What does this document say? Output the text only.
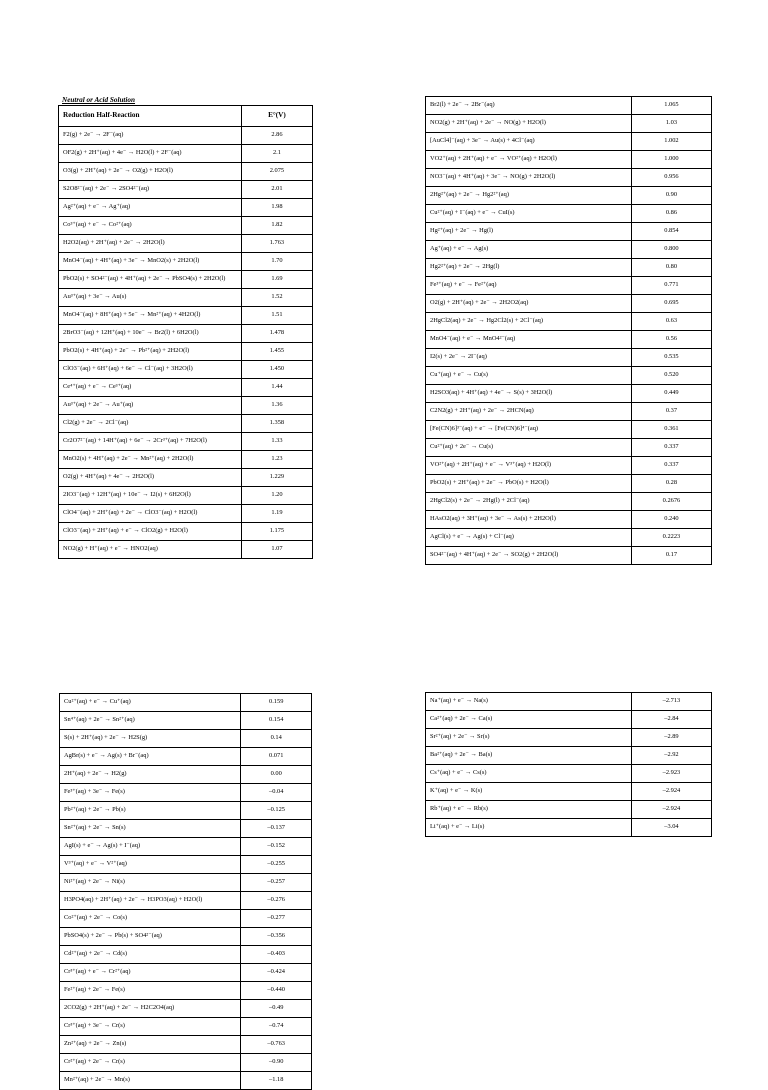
Neutral or Acid Solution
Reduction Half-Reaction	E°(V)
F2(g) + 2e⁻ → 2F⁻(aq)	2.86
OF2(g) + 2H⁺(aq) + 4e⁻ → H2O(l) + 2F⁻(aq)	2.1
O3(g) + 2H⁺(aq) + 2e⁻ → O2(g) + H2O(l)	2.075
S2O8²⁻(aq) + 2e⁻ → 2SO4²⁻(aq)	2.01
Ag²⁺(aq) + e⁻ → Ag⁺(aq)	1.98
Co³⁺(aq) + e⁻ → Co²⁺(aq)	1.82
H2O2(aq) + 2H⁺(aq) + 2e⁻ → 2H2O(l)	1.763
MnO4⁻(aq) + 4H⁺(aq) + 3e⁻ → MnO2(s) + 2H2O(l)	1.70
PbO2(s) + SO4²⁻(aq) + 4H⁺(aq) + 2e⁻ → PbSO4(s) + 2H2O(l)	1.69
Au³⁺(aq) + 3e⁻ → Au(s)	1.52
MnO4⁻(aq) + 8H⁺(aq) + 5e⁻ → Mn²⁺(aq) + 4H2O(l)	1.51
2BrO3⁻(aq) + 12H⁺(aq) + 10e⁻ → Br2(l) + 6H2O(l)	1.478
PbO2(s) + 4H⁺(aq) + 2e⁻ → Pb²⁺(aq) + 2H2O(l)	1.455
ClO3⁻(aq) + 6H⁺(aq) + 6e⁻ → Cl⁻(aq) + 3H2O(l)	1.450
Ce⁴⁺(aq) + e⁻ → Ce³⁺(aq)	1.44
Au³⁺(aq) + 2e⁻ → Au⁺(aq)	1.36
Cl2(g) + 2e⁻ → 2Cl⁻(aq)	1.358
Cr2O7²⁻(aq) + 14H⁺(aq) + 6e⁻ → 2Cr³⁺(aq) + 7H2O(l)	1.33
MnO2(s) + 4H⁺(aq) + 2e⁻ → Mn²⁺(aq) + 2H2O(l)	1.23
O2(g) + 4H⁺(aq) + 4e⁻ → 2H2O(l)	1.229
2IO3⁻(aq) + 12H⁺(aq) + 10e⁻ → I2(s) + 6H2O(l)	1.20
ClO4⁻(aq) + 2H⁺(aq) + 2e⁻ → ClO3⁻(aq) + H2O(l)	1.19
ClO3⁻(aq) + 2H⁺(aq) + e⁻ → ClO2(g) + H2O(l)	1.175
NO2(g) + H⁺(aq) + e⁻ → HNO2(aq)	1.07
Br2(l) + 2e⁻ → 2Br⁻(aq)	1.065
NO2(g) + 2H⁺(aq) + 2e⁻ → NO(g) + H2O(l)	1.03
[AuCl4]⁻(aq) + 3e⁻ → Au(s) + 4Cl⁻(aq)	1.002
VO2⁺(aq) + 2H⁺(aq) + e⁻ → VO²⁺(aq) + H2O(l)	1.000
NO3⁻(aq) + 4H⁺(aq) + 3e⁻ → NO(g) + 2H2O(l)	0.956
2Hg²⁺(aq) + 2e⁻ → Hg2²⁺(aq)	0.90
Cu²⁺(aq) + I⁻(aq) + e⁻ → CuI(s)	0.86
Hg²⁺(aq) + 2e⁻ → Hg(l)	0.854
Ag⁺(aq) + e⁻ → Ag(s)	0.800
Hg2²⁺(aq) + 2e⁻ → 2Hg(l)	0.80
Fe³⁺(aq) + e⁻ → Fe²⁺(aq)	0.771
O2(g) + 2H⁺(aq) + 2e⁻ → 2H2O2(aq)	0.695
2HgCl2(aq) + 2e⁻ → Hg2Cl2(s) + 2Cl⁻(aq)	0.63
MnO4⁻(aq) + e⁻ → MnO4²⁻(aq)	0.56
I2(s) + 2e⁻ → 2I⁻(aq)	0.535
Cu⁺(aq) + e⁻ → Cu(s)	0.520
H2SO3(aq) + 4H⁺(aq) + 4e⁻ → S(s) + 3H2O(l)	0.449
C2N2(g) + 2H⁺(aq) + 2e⁻ → 2HCN(aq)	0.37
[Fe(CN)6]³⁻(aq) + e⁻ → [Fe(CN)6]⁴⁻(aq)	0.361
Cu²⁺(aq) + 2e⁻ → Cu(s)	0.337
VO²⁺(aq) + 2H⁺(aq) + e⁻ → V³⁺(aq) + H2O(l)	0.337
PbO2(s) + 2H⁺(aq) + 2e⁻ → PbO(s) + H2O(l)	0.28
2HgCl2(s) + 2e⁻ → 2Hg(l) + 2Cl⁻(aq)	0.2676
HAsO2(aq) + 3H⁺(aq) + 3e⁻ → As(s) + 2H2O(l)	0.240
AgCl(s) + e⁻ → Ag(s) + Cl⁻(aq)	0.2223
SO4²⁻(aq) + 4H⁺(aq) + 2e⁻ → SO2(g) + 2H2O(l)	0.17
Cu²⁺(aq) + e⁻ → Cu⁺(aq)	0.159
Sn⁴⁺(aq) + 2e⁻ → Sn²⁺(aq)	0.154
S(s) + 2H⁺(aq) + 2e⁻ → H2S(g)	0.14
AgBr(s) + e⁻ → Ag(s) + Br⁻(aq)	0.071
2H⁺(aq) + 2e⁻ → H2(g)	0.00
Fe³⁺(aq) + 3e⁻ → Fe(s)	–0.04
Pb²⁺(aq) + 2e⁻ → Pb(s)	–0.125
Sn²⁺(aq) + 2e⁻ → Sn(s)	–0.137
AgI(s) + e⁻ → Ag(s) + I⁻(aq)	–0.152
V³⁺(aq) + e⁻ → V²⁺(aq)	–0.255
Ni²⁺(aq) + 2e⁻ → Ni(s)	–0.257
H3PO4(aq) + 2H⁺(aq) + 2e⁻ → H3PO3(aq) + H2O(l)	–0.276
Co²⁺(aq) + 2e⁻ → Co(s)	–0.277
PbSO4(s) + 2e⁻ → Pb(s) + SO4²⁻(aq)	–0.356
Cd²⁺(aq) + 2e⁻ → Cd(s)	–0.403
Cr³⁺(aq) + e⁻ → Cr²⁺(aq)	–0.424
Fe²⁺(aq) + 2e⁻ → Fe(s)	–0.440
2CO2(g) + 2H⁺(aq) + 2e⁻ → H2C2O4(aq)	–0.49
Cr³⁺(aq) + 3e⁻ → Cr(s)	–0.74
Zn²⁺(aq) + 2e⁻ → Zn(s)	–0.763
Cr²⁺(aq) + 2e⁻ → Cr(s)	–0.90
Mn²⁺(aq) + 2e⁻ → Mn(s)	–1.18
Na⁺(aq) + e⁻ → Na(s)	–2.713
Ca²⁺(aq) + 2e⁻ → Ca(s)	–2.84
Sr²⁺(aq) + 2e⁻ → Sr(s)	–2.89
Ba²⁺(aq) + 2e⁻ → Ba(s)	–2.92
Cs⁺(aq) + e⁻ → Cs(s)	–2.923
K⁺(aq) + e⁻ → K(s)	–2.924
Rb⁺(aq) + e⁻ → Rb(s)	–2.924
Li⁺(aq) + e⁻ → Li(s)	–3.04
